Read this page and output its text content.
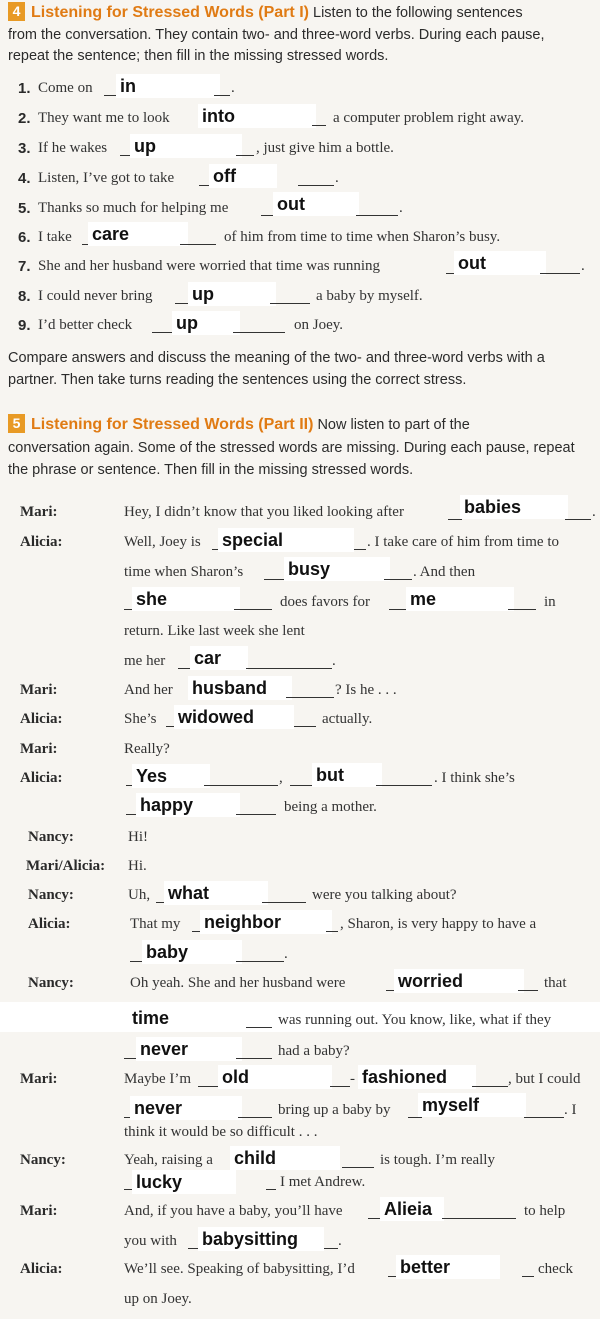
4 Listening for Stressed Words (Part I) Listen to the following sentences
from the conversation. They contain two- and three-word verbs. During each pause,
repeat the sentence; then fill in the missing stressed words.
1. Come on in	.
2. They want me to look into	a computer problem right away.
3. If he wakes up	, just give him a bottle.
4. Listen, I’ve got to take off	.
5. Thanks so much for helping me	out	.
6. I take care	of him from time to time when Sharon’s busy.
7. She and her husband were worried that time was running	out	.
8. I could never bring up	a baby by myself.
9. I’d better check up	on Joey.
Compare answers and discuss the meaning of the two- and three-word verbs with a
partner. Then take turns reading the sentences using the correct stress.
5 Listening for Stressed Words (Part II) Now listen to part of the
conversation again. Some of the stressed words are missing. During each pause, repeat
the phrase or sentence. Then fill in the missing stressed words.
Mari:	Hey, I didn’t know that you liked looking after	babies	.
Alicia:	Well, Joey is special	. I take care of him from time to
time when Sharon’s busy	. And then
she	does favors for me	in
return. Like last week she lent
me her car	.
Mari:	And her husband	? Is he . . .
Alicia:	She’s widowed	actually.
Mari:	Really?
Alicia:	Yes	, but	. I think she’s
happy	being a mother.
Nancy:	Hi!
Mari/Alicia: Hi.
Nancy:	Uh, what	were you talking about?
Alicia:	That my neighbor	, Sharon, is very happy to have a
baby	.
Nancy:	Oh yeah. She and her husband were	worried	that
time	was running out. You know, like, what if they
never	had a baby?
Mari:	Maybe I’m old	- fashioned	, but I could
never	bring up a baby by myself	. I
think it would be so difficult . . .
Nancy:	Yeah, raising a child	is tough. I’m really
lucky	I met Andrew.
Mari:	And, if you have a baby, you’ll have Alieia	to help
you with babysitting	.
Alicia:	We’ll see. Speaking of babysitting, I’d	better	check
up on Joey.
